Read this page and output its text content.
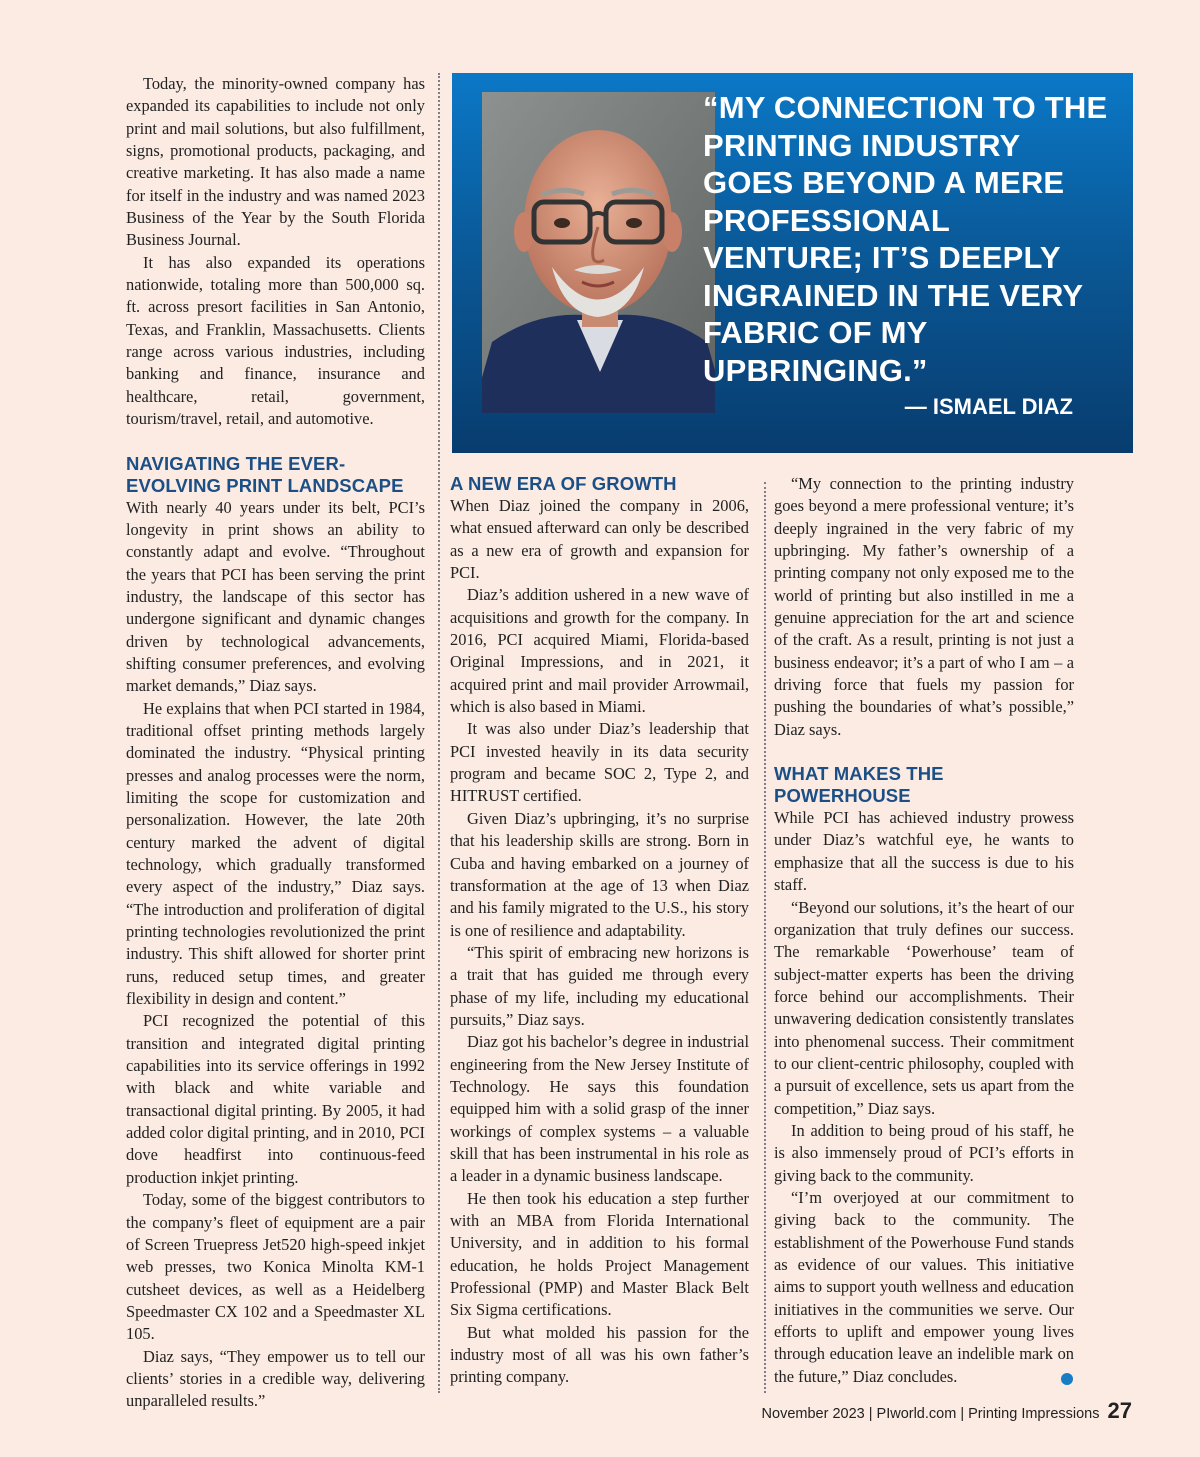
Today, the minority-owned company has expanded its capabilities to include not only print and mail solutions, but also fulfillment, signs, promotional products, packaging, and creative marketing. It has also made a name for itself in the industry and was named 2023 Business of the Year by the South Florida Business Journal.

It has also expanded its operations nationwide, totaling more than 500,000 sq. ft. across presort facilities in San Antonio, Texas, and Franklin, Massachusetts. Clients range across various industries, including banking and finance, insurance and healthcare, retail, government, tourism/travel, retail, and automotive.

NAVIGATING THE EVER-EVOLVING PRINT LANDSCAPE

With nearly 40 years under its belt, PCI’s longevity in print shows an ability to constantly adapt and evolve. “Throughout the years that PCI has been serving the print industry, the landscape of this sector has undergone significant and dynamic changes driven by technological advancements, shifting consumer preferences, and evolving market demands,” Diaz says.

He explains that when PCI started in 1984, traditional offset printing methods largely dominated the industry. “Physical printing presses and analog processes were the norm, limiting the scope for customization and personalization. However, the late 20th century marked the advent of digital technology, which gradually transformed every aspect of the industry,” Diaz says. “The introduction and proliferation of digital printing technologies revolutionized the print industry. This shift allowed for shorter print runs, reduced setup times, and greater flexibility in design and content.”

PCI recognized the potential of this transition and integrated digital printing capabilities into its service offerings in 1992 with black and white variable and transactional digital printing. By 2005, it had added color digital printing, and in 2010, PCI dove headfirst into continuous-feed production inkjet printing.

Today, some of the biggest contributors to the company’s fleet of equipment are a pair of Screen Truepress Jet520 high-speed inkjet web presses, two Konica Minolta KM-1 cutsheet devices, as well as a Heidelberg Speedmaster CX 102 and a Speedmaster XL 105.

Diaz says, “They empower us to tell our clients’ stories in a credible way, delivering unparalleled results.”

“MY CONNECTION TO THE PRINTING INDUSTRY GOES BEYOND A MERE PROFESSIONAL VENTURE; IT’S DEEPLY INGRAINED IN THE VERY FABRIC OF MY UPBRINGING.”
— ISMAEL DIAZ
A NEW ERA OF GROWTH

When Diaz joined the company in 2006, what ensued afterward can only be described as a new era of growth and expansion for PCI.

Diaz’s addition ushered in a new wave of acquisitions and growth for the company. In 2016, PCI acquired Miami, Florida-based Original Impressions, and in 2021, it acquired print and mail provider Arrowmail, which is also based in Miami.

It was also under Diaz’s leadership that PCI invested heavily in its data security program and became SOC 2, Type 2, and HITRUST certified.

Given Diaz’s upbringing, it’s no surprise that his leadership skills are strong. Born in Cuba and having embarked on a journey of transformation at the age of 13 when Diaz and his family migrated to the U.S., his story is one of resilience and adaptability.

“This spirit of embracing new horizons is a trait that has guided me through every phase of my life, including my educational pursuits,” Diaz says.

Diaz got his bachelor’s degree in industrial engineering from the New Jersey Institute of Technology. He says this foundation equipped him with a solid grasp of the inner workings of complex systems – a valuable skill that has been instrumental in his role as a leader in a dynamic business landscape.

He then took his education a step further with an MBA from Florida International University, and in addition to his formal education, he holds Project Management Professional (PMP) and Master Black Belt Six Sigma certifications.

But what molded his passion for the industry most of all was his own father’s printing company.

“My connection to the printing industry goes beyond a mere professional venture; it’s deeply ingrained in the very fabric of my upbringing. My father’s ownership of a printing company not only exposed me to the world of printing but also instilled in me a genuine appreciation for the art and science of the craft. As a result, printing is not just a business endeavor; it’s a part of who I am – a driving force that fuels my passion for pushing the boundaries of what’s possible,” Diaz says.

WHAT MAKES THE POWERHOUSE

While PCI has achieved industry prowess under Diaz’s watchful eye, he wants to emphasize that all the success is due to his staff.

“Beyond our solutions, it’s the heart of our organization that truly defines our success. The remarkable ‘Powerhouse’ team of subject-matter experts has been the driving force behind our accomplishments. Their unwavering dedication consistently translates into phenomenal success. Their commitment to our client-centric philosophy, coupled with a pursuit of excellence, sets us apart from the competition,” Diaz says.

In addition to being proud of his staff, he is also immensely proud of PCI’s efforts in giving back to the community.

“I’m overjoyed at our commitment to giving back to the community. The establishment of the Powerhouse Fund stands as evidence of our values. This initiative aims to support youth wellness and education initiatives in the communities we serve. Our efforts to uplift and empower young lives through education leave an indelible mark on the future,” Diaz concludes.

November 2023 | PIworld.com | Printing Impressions 27
